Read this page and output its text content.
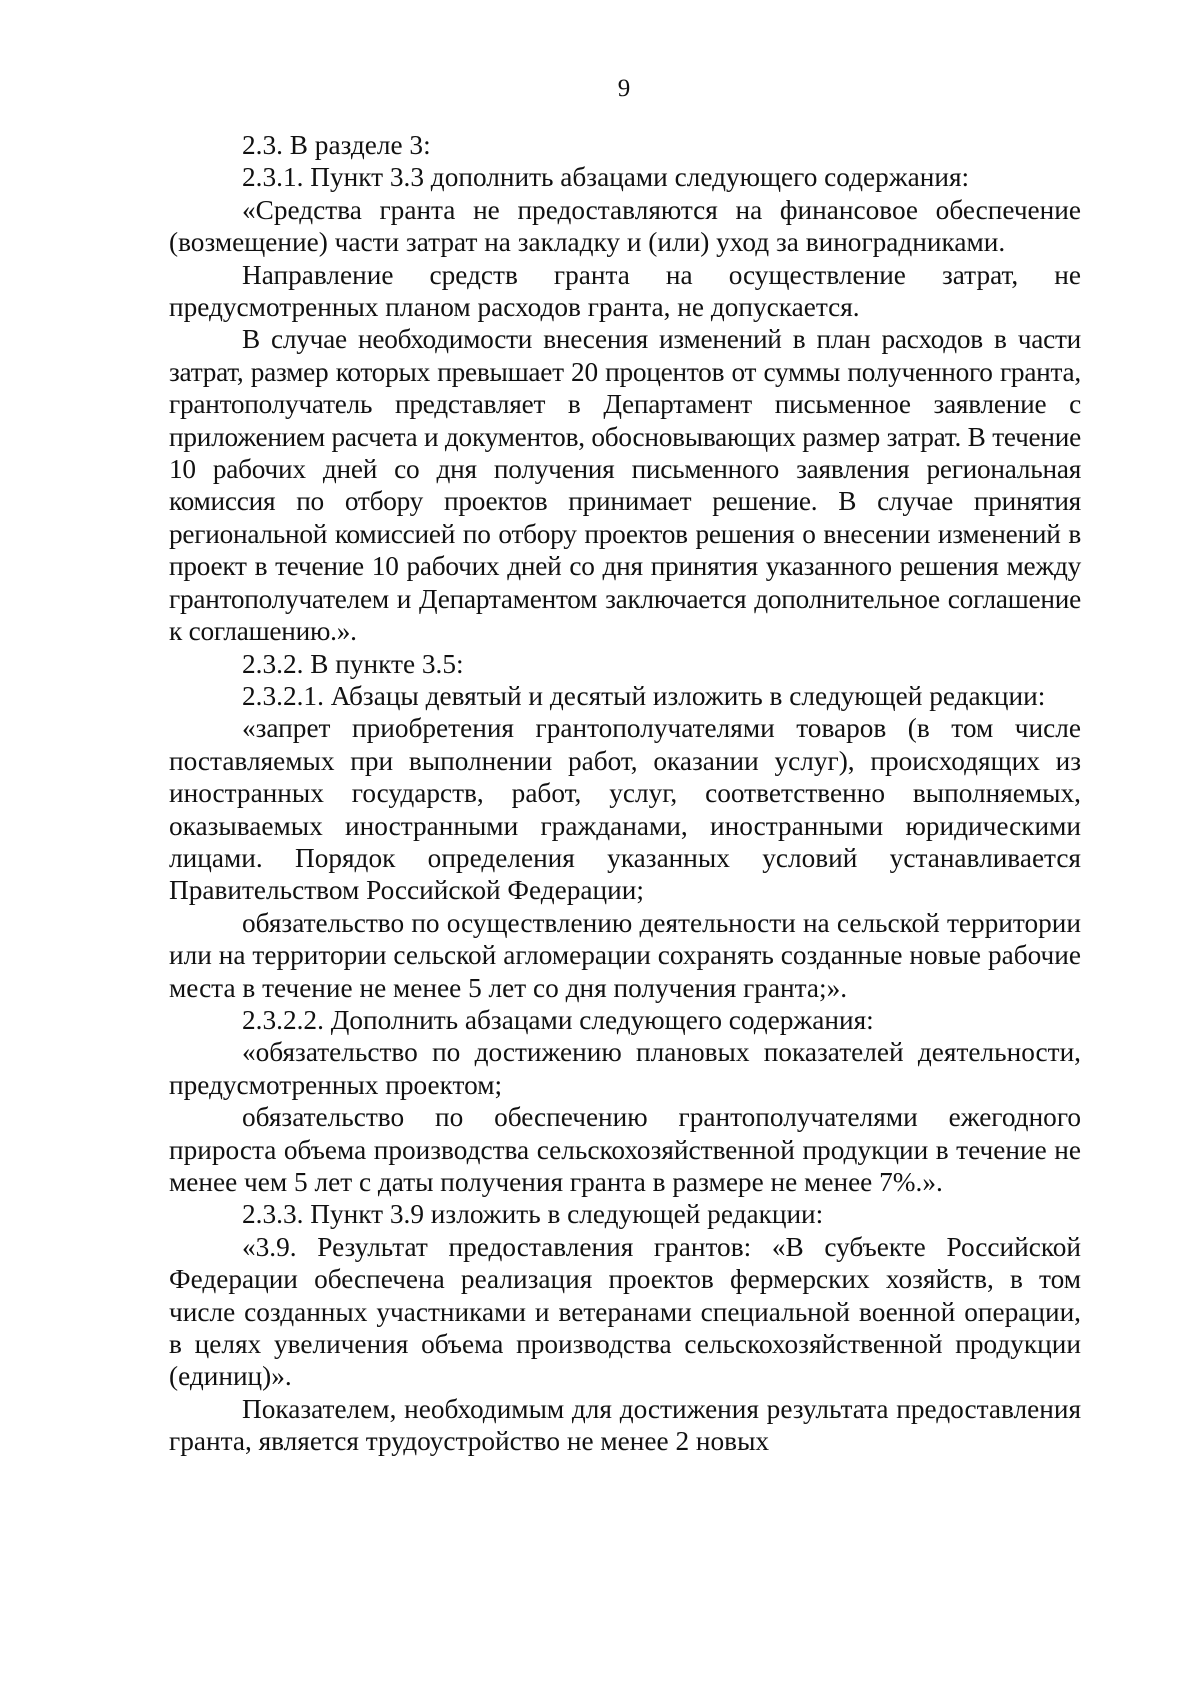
9

2.3. В разделе 3:

2.3.1. Пункт 3.3 дополнить абзацами следующего содержания:

«Средства гранта не предоставляются на финансовое обеспечение (возмещение) части затрат на закладку и (или) уход за виноградниками.

Направление средств гранта на осуществление затрат, не предусмотренных планом расходов гранта, не допускается.

В случае необходимости внесения изменений в план расходов в части затрат, размер которых превышает 20 процентов от суммы полученного гранта, грантополучатель представляет в Департамент письменное заявление с приложением расчета и документов, обосновывающих размер затрат. В течение 10 рабочих дней со дня получения письменного заявления региональная комиссия по отбору проектов принимает решение. В случае принятия региональной комиссией по отбору проектов решения о внесении изменений в проект в течение 10 рабочих дней со дня принятия указанного решения между грантополучателем и Департаментом заключается дополнительное соглашение к соглашению.».

2.3.2. В пункте 3.5:

2.3.2.1. Абзацы девятый и десятый изложить в следующей редакции:

«запрет приобретения грантополучателями товаров (в том числе поставляемых при выполнении работ, оказании услуг), происходящих из иностранных государств, работ, услуг, соответственно выполняемых, оказываемых иностранными гражданами, иностранными юридическими лицами. Порядок определения указанных условий устанавливается Правительством Российской Федерации;

обязательство по осуществлению деятельности на сельской территории или на территории сельской агломерации сохранять созданные новые рабочие места в течение не менее 5 лет со дня получения гранта;».

2.3.2.2. Дополнить абзацами следующего содержания:

«обязательство по достижению плановых показателей деятельности, предусмотренных проектом;

обязательство по обеспечению грантополучателями ежегодного прироста объема производства сельскохозяйственной продукции в течение не менее чем 5 лет с даты получения гранта в размере не менее 7%.».

2.3.3. Пункт 3.9 изложить в следующей редакции:

«3.9. Результат предоставления грантов: «В субъекте Российской Федерации обеспечена реализация проектов фермерских хозяйств, в том числе созданных участниками и ветеранами специальной военной операции, в целях увеличения объема производства сельскохозяйственной продукции (единиц)».

Показателем, необходимым для достижения результата предоставления гранта, является трудоустройство не менее 2 новых
